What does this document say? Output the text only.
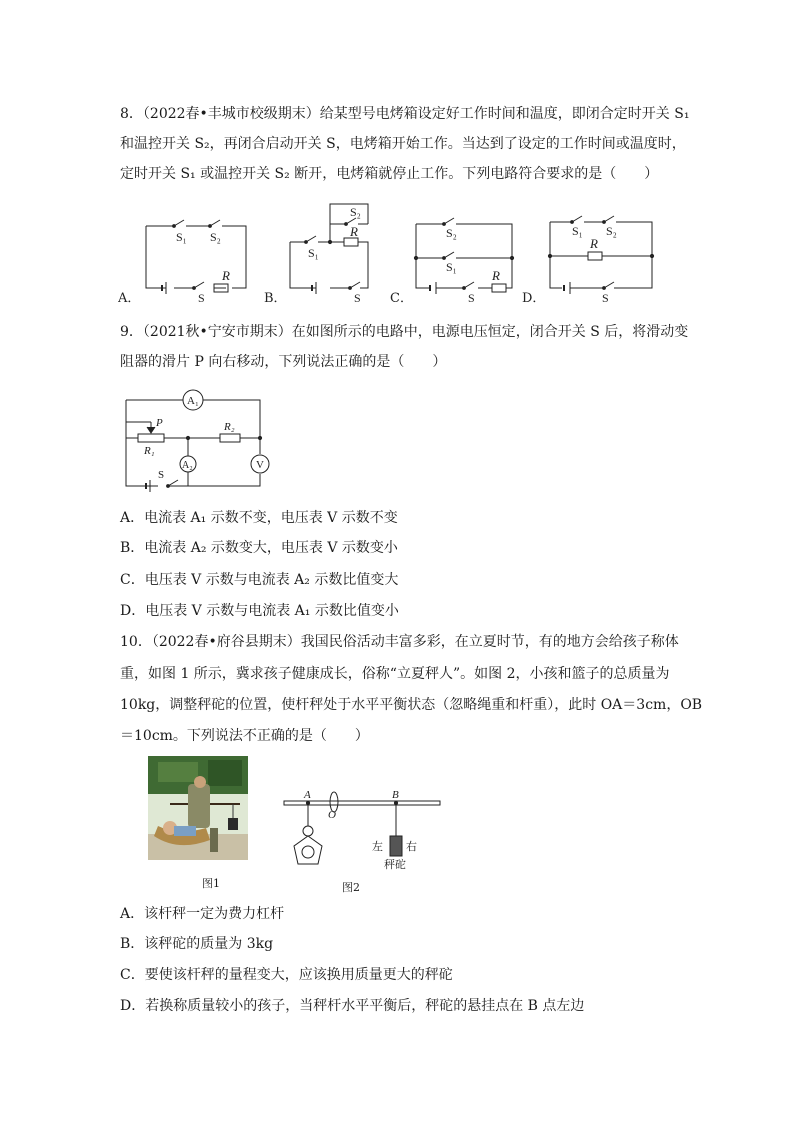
8．（2022春•丰城市校级期末）给某型号电烤箱设定好工作时间和温度，即闭合定时开关 S₁
和温控开关 S₂，再闭合启动开关 S，电烤箱开始工作。当达到了设定的工作时间或温度时，
定时开关 S₁ 或温控开关 S₂ 断开，电烤箱就停止工作。下列电路符合要求的是（　　）
S₁ S₂
S
R
S₁
S₂
R
S
S₂
S₁
R
S
S₁ S₂
R
S
A．	B．	C．	D．
9．（2021秋•宁安市期末）在如图所示的电路中，电源电压恒定，闭合开关 S 后，将滑动变
阻器的滑片 P 向右移动，下列说法正确的是（　　）
A₁
A₂	V
P
R₁
R₂
S
A．电流表 A₁ 示数不变，电压表 V 示数不变
B．电流表 A₂ 示数变大，电压表 V 示数变小
C．电压表 V 示数与电流表 A₂ 示数比值变大
D．电压表 V 示数与电流表 A₁ 示数比值变小
10．（2022春•府谷县期末）我国民俗活动丰富多彩，在立夏时节，有的地方会给孩子称体
重，如图 1 所示，冀求孩子健康成长，俗称“立夏秤人”。如图 2，小孩和篮子的总质量为
10kg，调整秤砣的位置，使杆秤处于水平平衡状态（忽略绳重和杆重），此时 OA＝3cm，OB
＝10cm。下列说法不正确的是（　　）
图1
A
O
B
左 右
秤砣
图2
A．该杆秤一定为费力杠杆
B．该秤砣的质量为 3kg
C．要使该杆秤的量程变大，应该换用质量更大的秤砣
D．若换称质量较小的孩子，当秤杆水平平衡后，秤砣的悬挂点在 B 点左边
